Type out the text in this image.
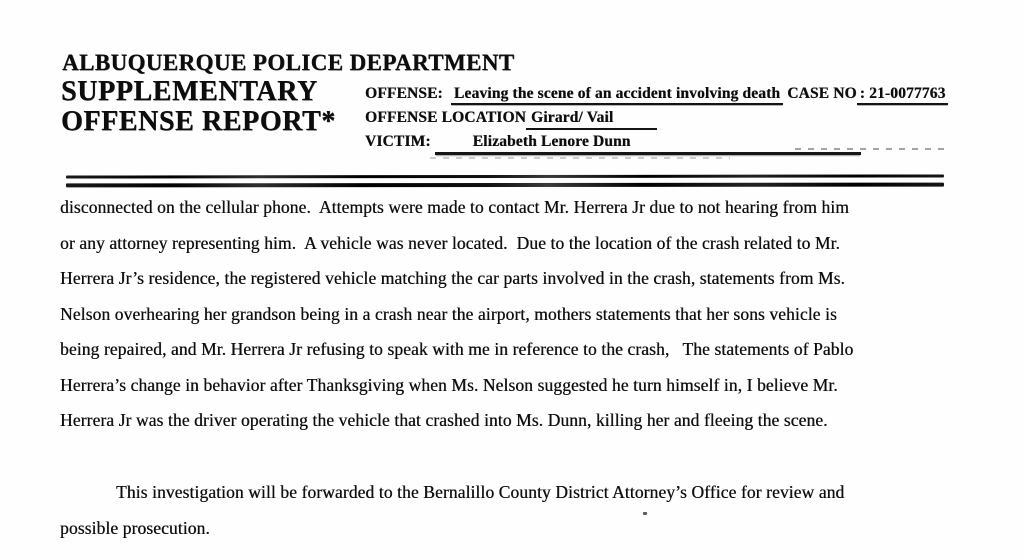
ALBUQUERQUE POLICE DEPARTMENT
SUPPLEMENTARY
OFFENSE REPORT*
OFFENSE: Leaving the scene of an accident involving death CASE NO : 21-0077763
OFFENSE LOCATION Girard/ Vail
VICTIM:	Elizabeth Lenore Dunn
disconnected on the cellular phone.  Attempts were made to contact Mr. Herrera Jr due to not hearing from him
or any attorney representing him.  A vehicle was never located.  Due to the location of the crash related to Mr.
Herrera Jr’s residence, the registered vehicle matching the car parts involved in the crash, statements from Ms.
Nelson overhearing her grandson being in a crash near the airport, mothers statements that her sons vehicle is
being repaired, and Mr. Herrera Jr refusing to speak with me in reference to the crash,   The statements of Pablo
Herrera’s change in behavior after Thanksgiving when Ms. Nelson suggested he turn himself in, I believe Mr.
Herrera Jr was the driver operating the vehicle that crashed into Ms. Dunn, killing her and fleeing the scene.
This investigation will be forwarded to the Bernalillo County District Attorney’s Office for review and
possible prosecution.
